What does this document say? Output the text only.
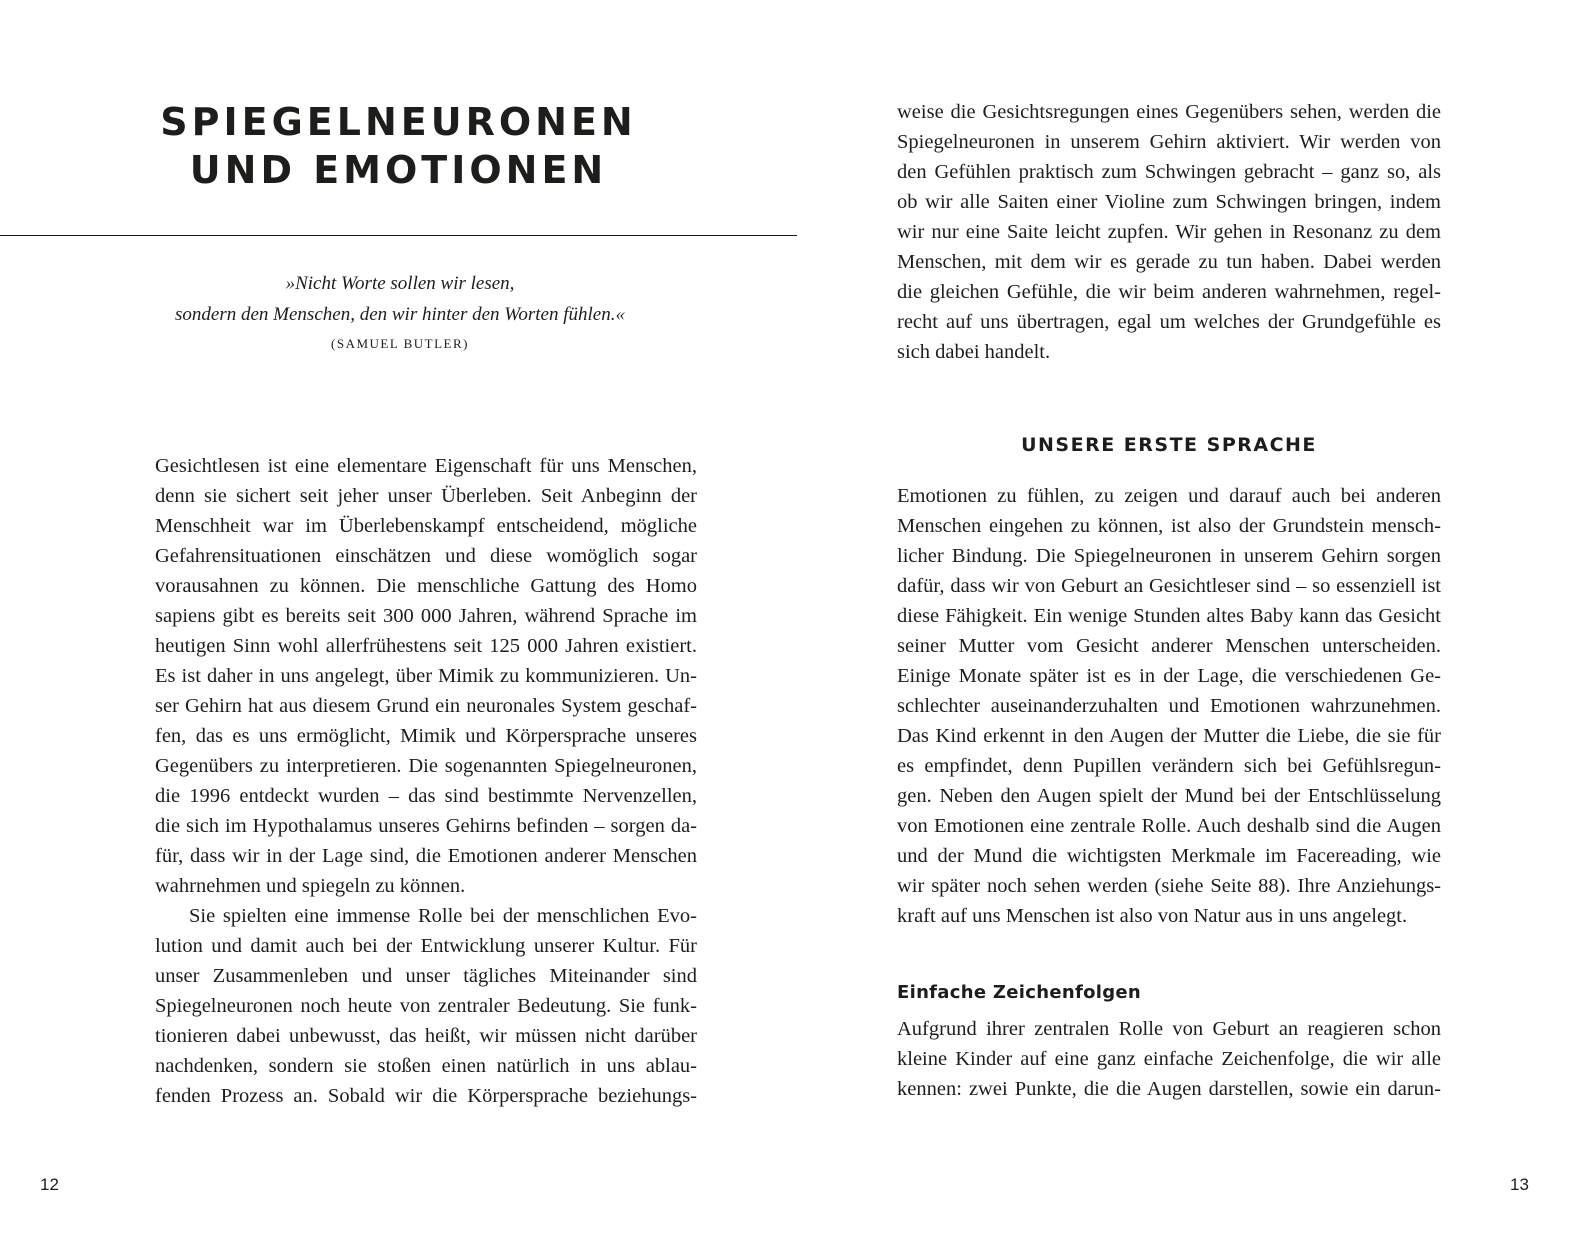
SPIEGELNEURONEN
UND EMOTIONEN
»Nicht Worte sollen wir lesen,
sondern den Menschen, den wir hinter den Worten fühlen.«
(SAMUEL BUTLER)
Gesichtlesen ist eine elementare Eigenschaft für uns Menschen,
denn sie sichert seit jeher unser Überleben. Seit Anbeginn der
Menschheit war im Überlebenskampf entscheidend, mögliche
Gefahrensituationen einschätzen und diese womöglich sogar
vorausahnen zu können. Die menschliche Gattung des Homo
sapiens gibt es bereits seit 300 000 Jahren, während Sprache im
heutigen Sinn wohl allerfrühestens seit 125 000 Jahren existiert.
Es ist daher in uns angelegt, über Mimik zu kommunizieren. Un-
ser Gehirn hat aus diesem Grund ein neuronales System geschaf-
fen, das es uns ermöglicht, Mimik und Körpersprache unseres
Gegenübers zu interpretieren. Die sogenannten Spiegelneuronen,
die 1996 entdeckt wurden – das sind bestimmte Nervenzellen,
die sich im Hypothalamus unseres Gehirns befinden – sorgen da-
für, dass wir in der Lage sind, die Emotionen anderer Menschen
wahrnehmen und spiegeln zu können.
Sie spielten eine immense Rolle bei der menschlichen Evo-
lution und damit auch bei der Entwicklung unserer Kultur. Für
unser Zusammenleben und unser tägliches Miteinander sind
Spiegelneuronen noch heute von zentraler Bedeutung. Sie funk-
tionieren dabei unbewusst, das heißt, wir müssen nicht darüber
nachdenken, sondern sie stoßen einen natürlich in uns ablau-
fenden Prozess an. Sobald wir die Körpersprache beziehungs-
12
weise die Gesichtsregungen eines Gegenübers sehen, werden die
Spiegelneuronen in unserem Gehirn aktiviert. Wir werden von
den Gefühlen praktisch zum Schwingen gebracht – ganz so, als
ob wir alle Saiten einer Violine zum Schwingen bringen, indem
wir nur eine Saite leicht zupfen. Wir gehen in Resonanz zu dem
Menschen, mit dem wir es gerade zu tun haben. Dabei werden
die gleichen Gefühle, die wir beim anderen wahrnehmen, regel-
recht auf uns übertragen, egal um welches der Grundgefühle es
sich dabei handelt.
UNSERE ERSTE SPRACHE
Emotionen zu fühlen, zu zeigen und darauf auch bei anderen
Menschen eingehen zu können, ist also der Grundstein mensch-
licher Bindung. Die Spiegelneuronen in unserem Gehirn sorgen
dafür, dass wir von Geburt an Gesichtleser sind – so essenziell ist
diese Fähigkeit. Ein wenige Stunden altes Baby kann das Gesicht
seiner Mutter vom Gesicht anderer Menschen unterscheiden.
Einige Monate später ist es in der Lage, die verschiedenen Ge-
schlechter auseinanderzuhalten und Emotionen wahrzunehmen.
Das Kind erkennt in den Augen der Mutter die Liebe, die sie für
es empfindet, denn Pupillen verändern sich bei Gefühlsregun-
gen. Neben den Augen spielt der Mund bei der Entschlüsselung
von Emotionen eine zentrale Rolle. Auch deshalb sind die Augen
und der Mund die wichtigsten Merkmale im Facereading, wie
wir später noch sehen werden (siehe Seite 88). Ihre Anziehungs-
kraft auf uns Menschen ist also von Natur aus in uns angelegt.
Einfache Zeichenfolgen
Aufgrund ihrer zentralen Rolle von Geburt an reagieren schon
kleine Kinder auf eine ganz einfache Zeichenfolge, die wir alle
kennen: zwei Punkte, die die Augen darstellen, sowie ein darun-
13
